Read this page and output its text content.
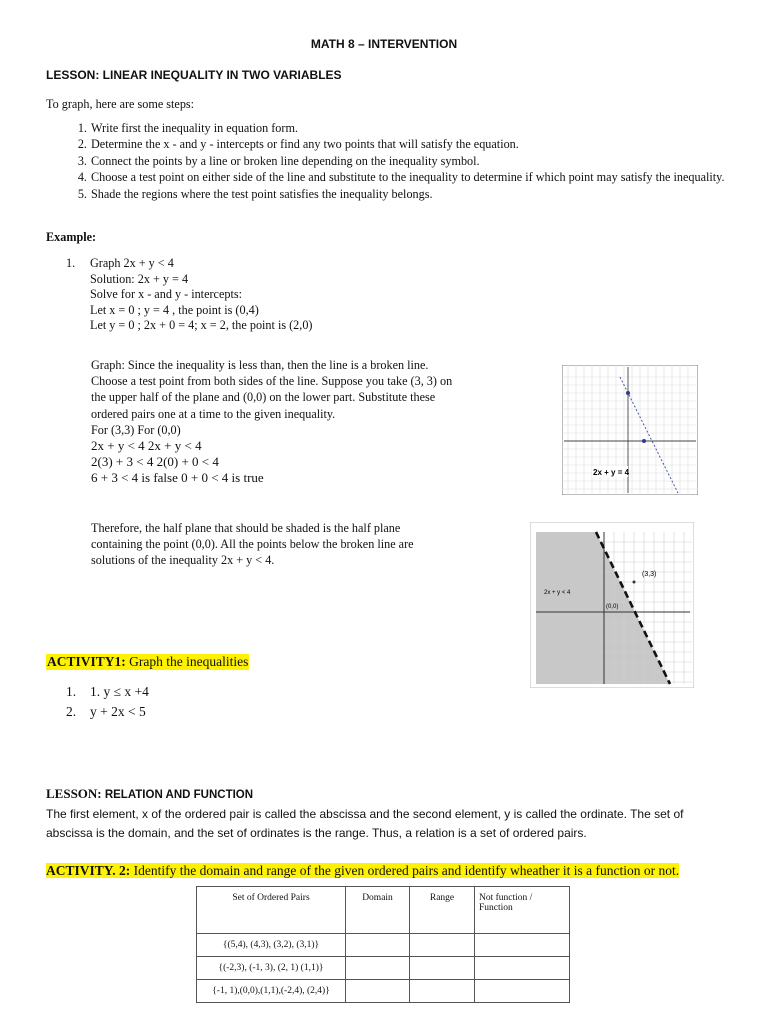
MATH 8 – INTERVENTION
LESSON: LINEAR INEQUALITY IN TWO VARIABLES
To graph, here are some steps:
1. Write first the inequality in equation form.
2. Determine the x - and y - intercepts or find any two points that will satisfy the equation.
3. Connect the points by a line or broken line depending on the inequality symbol.
4. Choose a test point on either side of the line and substitute to the inequality to determine if which point may satisfy the inequality.
5. Shade the regions where the test point satisfies the inequality belongs.
Example:
1. Graph 2x + y < 4
Solution: 2x + y = 4
Solve for x - and y - intercepts:
Let x = 0 ; y = 4 , the point is (0,4)
Let y = 0 ; 2x + 0 = 4; x = 2, the point is (2,0)
Graph: Since the inequality is less than, then the line is a broken line.
Choose a test point from both sides of the line. Suppose you take (3, 3) on
the upper half of the plane and (0,0) on the lower part. Substitute these
ordered pairs one at a time to the given inequality.
For (3,3) For (0,0)
2x + y < 4 2x + y < 4
2(3) + 3 < 4 2(0) + 0 < 4
6 + 3 < 4 is false 0 + 0 < 4 is true	2x + y = 4
Therefore, the half plane that should be shaded is the half plane
containing the point (0,0). All the points below the broken line are
solutions of the inequality 2x + y < 4.
(3,3)
(0,0)
2x + y < 4
ACTIVITY1: Graph the inequalities
1. 1. y ≤ x +4
2. y + 2x < 5
LESSON: RELATION AND FUNCTION
The first element, x of the ordered pair is called the abscissa and the second element, y is called the ordinate. The set of abscissa is the domain, and the set of ordinates is the range. Thus, a relation is a set of ordered pairs.
ACTIVITY. 2: Identify the domain and range of the given ordered pairs and identify wheather it is a function or not.
Set of Ordered Pairs	Domain	Range	Not function / Function
{(5,4), (4,3), (3,2), (3,1)}			
{(-2,3), (-1, 3), (2, 1) (1,1)}			
{-1, 1),(0,0),(1,1),(-2,4), (2,4)}			
